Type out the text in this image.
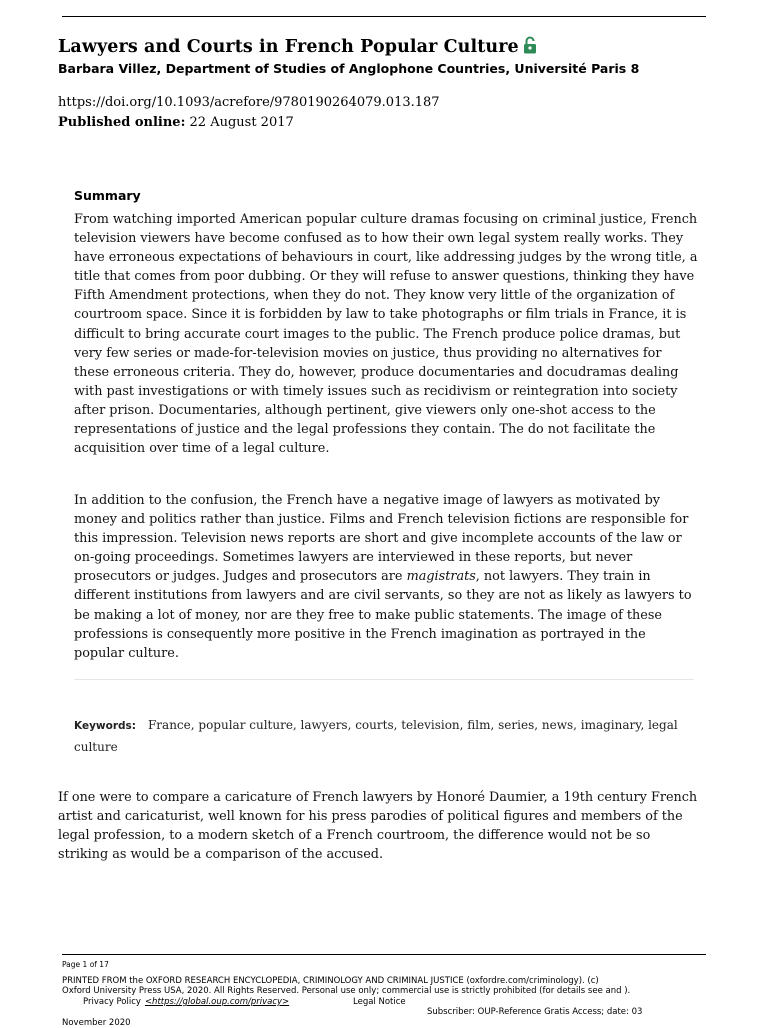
Lawyers and Courts in French Popular Culture
Barbara Villez, Department of Studies of Anglophone Countries, Université Paris 8
https://doi.org/10.1093/acrefore/9780190264079.013.187
Published online: 22 August 2017
Summary

From watching imported American popular culture dramas focusing on criminal justice, French television viewers have become confused as to how their own legal system really works. They have erroneous expectations of behaviours in court, like addressing judges by the wrong title, a title that comes from poor dubbing. Or they will refuse to answer questions, thinking they have Fifth Amendment protections, when they do not. They know very little of the organization of courtroom space. Since it is forbidden by law to take photographs or film trials in France, it is difficult to bring accurate court images to the public. The French produce police dramas, but very few series or made-for-television movies on justice, thus providing no alternatives for these erroneous criteria. They do, however, produce documentaries and docudramas dealing with past investigations or with timely issues such as recidivism or reintegration into society after prison. Documentaries, although pertinent, give viewers only one-shot access to the representations of justice and the legal professions they contain. The do not facilitate the acquisition over time of a legal culture.

In addition to the confusion, the French have a negative image of lawyers as motivated by money and politics rather than justice. Films and French television fictions are responsible for this impression. Television news reports are short and give incomplete accounts of the law or on-going proceedings. Sometimes lawyers are interviewed in these reports, but never prosecutors or judges. Judges and prosecutors are magistrats, not lawyers. They train in different institutions from lawyers and are civil servants, so they are not as likely as lawyers to be making a lot of money, nor are they free to make public statements. The image of these professions is consequently more positive in the French imagination as portrayed in the popular culture.

Keywords: France, popular culture, lawyers, courts, television, film, series, news, imaginary, legal culture

If one were to compare a caricature of French lawyers by Honoré Daumier, a 19th century French artist and caricaturist, well known for his press parodies of political figures and members of the legal profession, to a modern sketch of a French courtroom, the difference would not be so striking as would be a comparison of the accused.

Page 1 of 17
PRINTED FROM the OXFORD RESEARCH ENCYCLOPEDIA, CRIMINOLOGY AND CRIMINAL JUSTICE (oxfordre.com/criminology). (c)
Oxford University Press USA, 2020. All Rights Reserved. Personal use only; commercial use is strictly prohibited (for details see and ).
Privacy Policy <https://global.oup.com/privacy>	Legal Notice
Subscriber: OUP-Reference Gratis Access; date: 03
November 2020
